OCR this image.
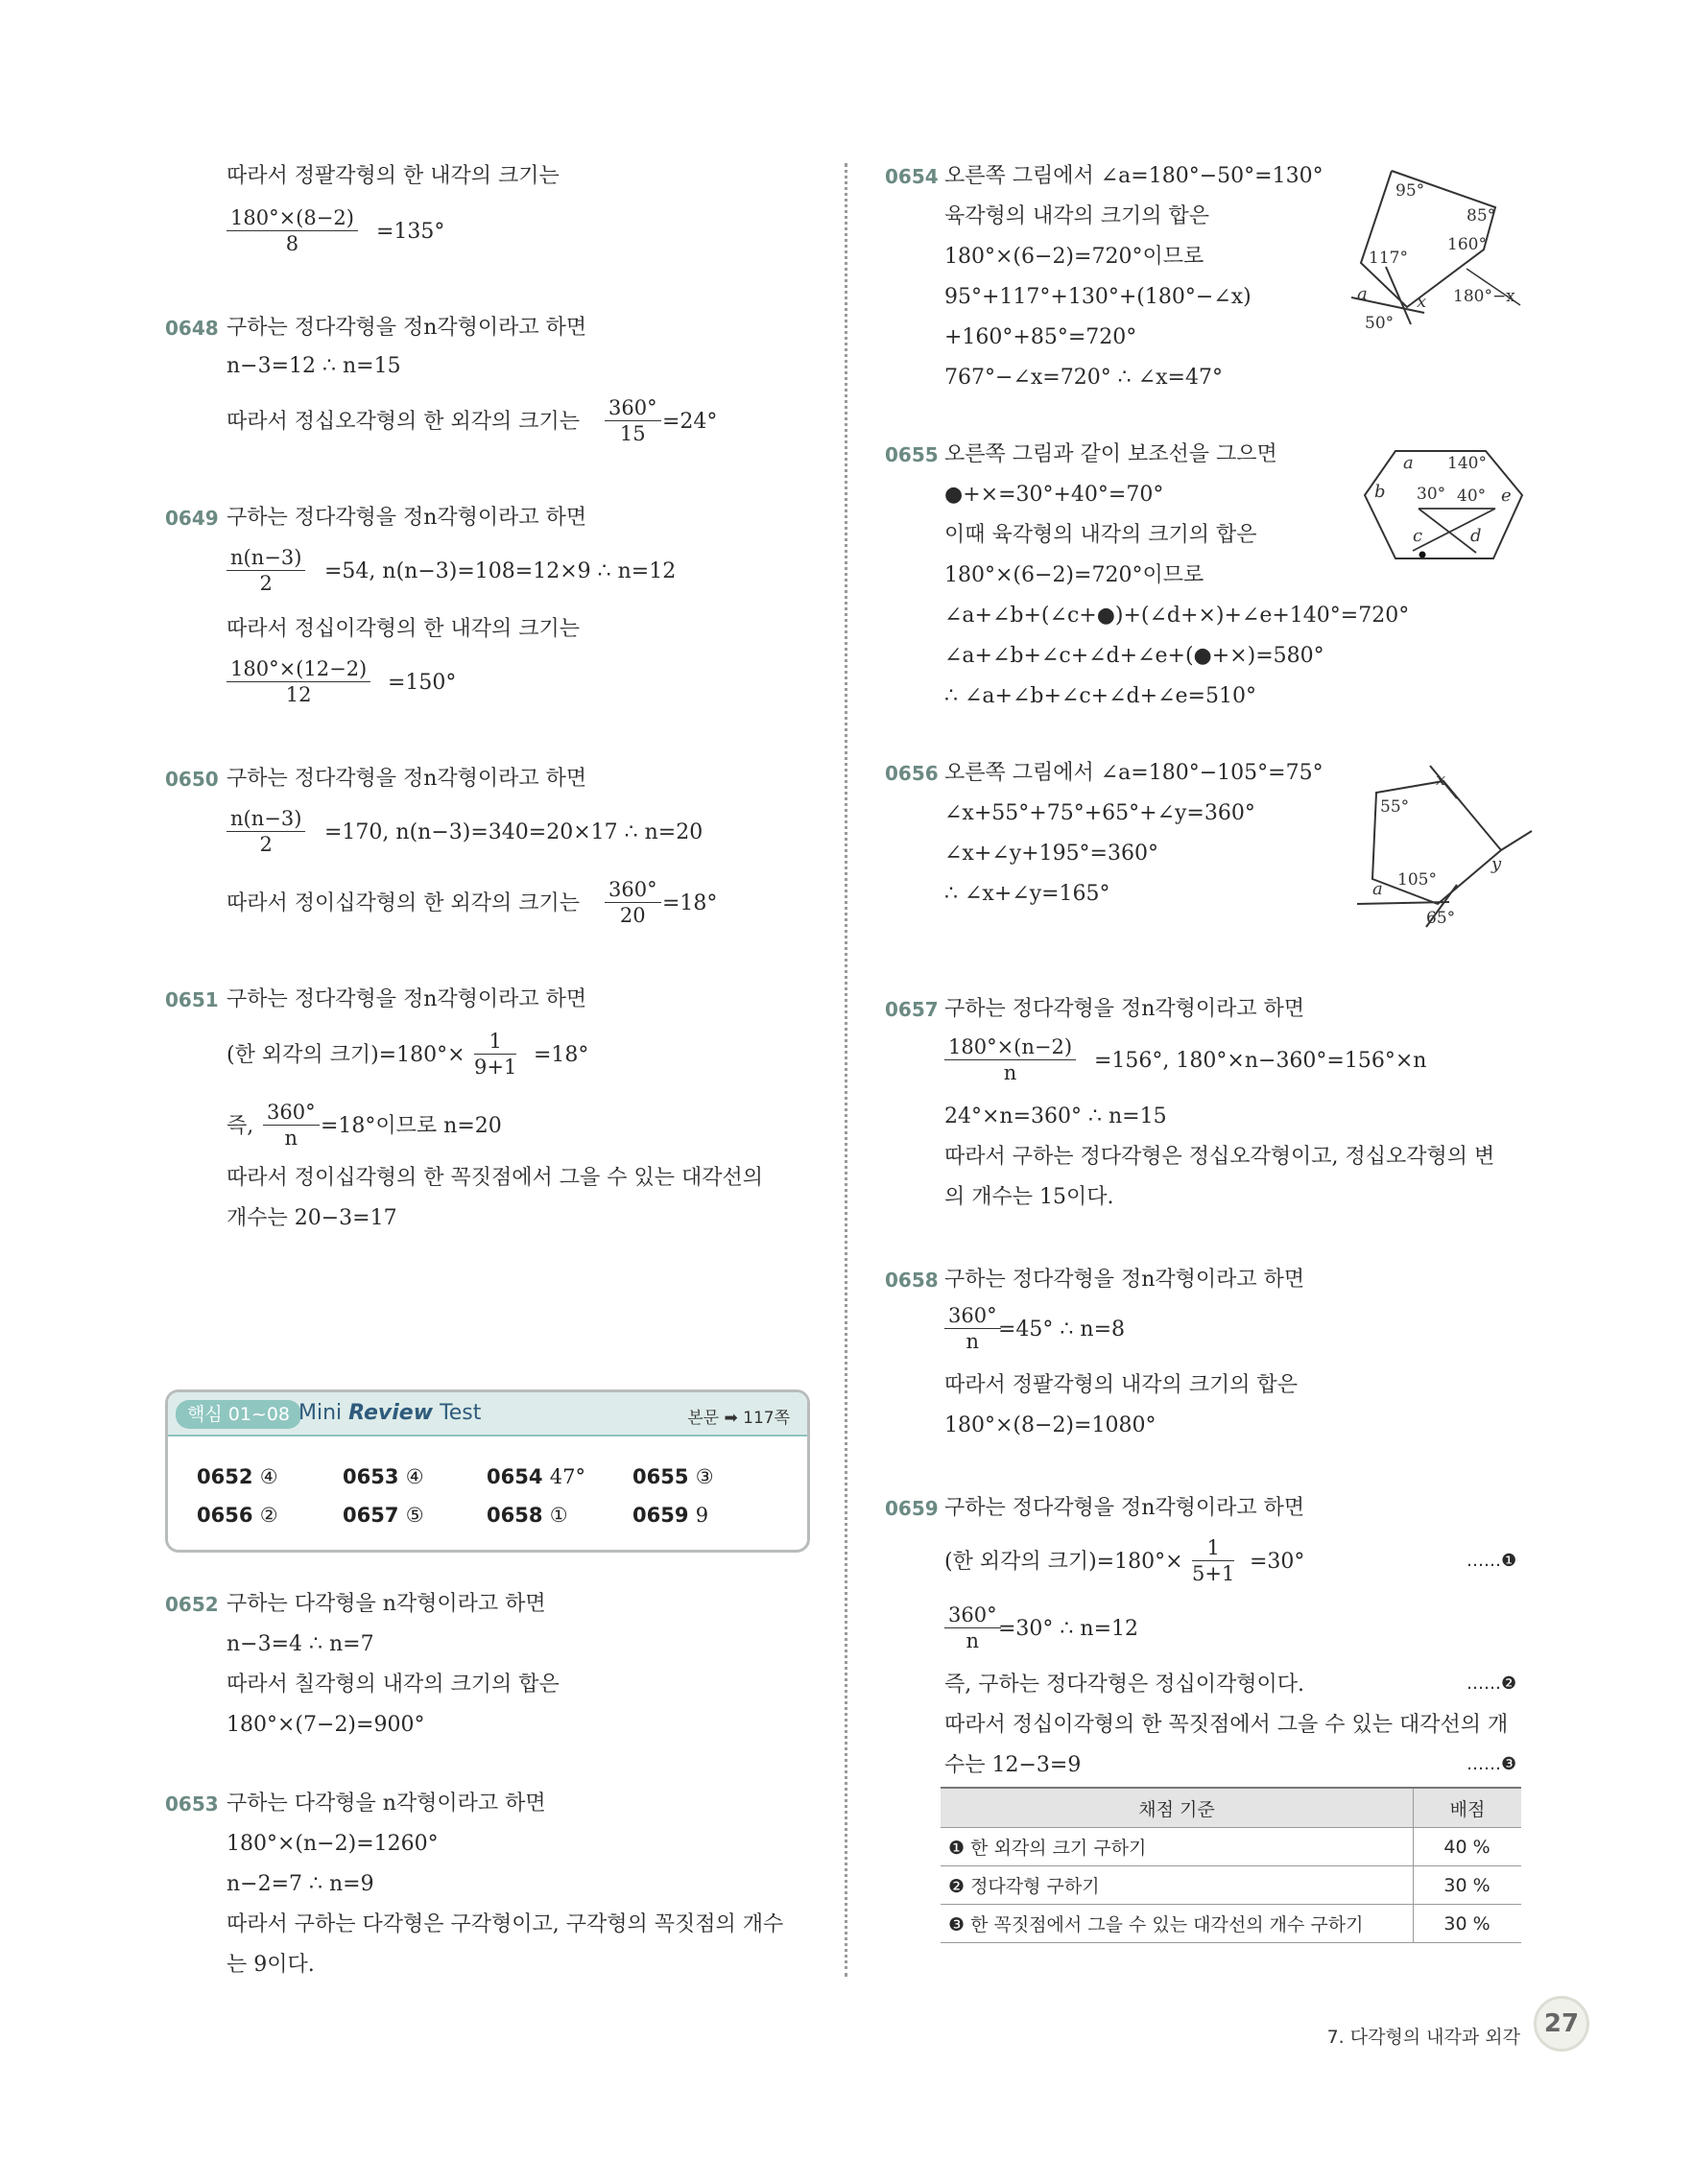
따라서 정팔각형의 한 내각의 크기는
$\frac{180^\circ\times(8-2)}{8} =135^\circ$
0648 구하는 정다각형을 정n각형이라고 하면
n−3=12 ∴ n=15
따라서 정십오각형의 한 외각의 크기는 $\frac{360^\circ}{15} =24^\circ$
0649 구하는 정다각형을 정n각형이라고 하면
$\frac{n(n-3)}{2} =54$, n(n−3)=108=12×9 ∴ n=12
따라서 정십이각형의 한 내각의 크기는
$\frac{180^\circ\times(12-2)}{12} =150^\circ$
0650 구하는 정다각형을 정n각형이라고 하면
$\frac{n(n-3)}{2} =170$, n(n−3)=340=20×17 ∴ n=20
따라서 정이십각형의 한 외각의 크기는 $\frac{360^\circ}{20} =18^\circ$
0651 구하는 정다각형을 정n각형이라고 하면
(한 외각의 크기)$=180^\circ\times \frac{1}{9+1} =18^\circ$
즉, $\frac{360^\circ}{n} =18^\circ$이므로 n=20
따라서 정이십각형의 한 꼭짓점에서 그을 수 있는 대각선의
개수는 20−3=17
핵심 01~08 Mini Review Test	본문 ➡ 117쪽
0652 ④	0653 ④	0654 47° 0655 ③
0656 ②	0657 ⑤	0658 ①	0659 9
0652 구하는 다각형을 n각형이라고 하면
n−3=4 ∴ n=7
따라서 칠각형의 내각의 크기의 합은
180°×(7−2)=900°
0653 구하는 다각형을 n각형이라고 하면
180°×(n−2)=1260°
n−2=7 ∴ n=9
따라서 구하는 다각형은 구각형이고, 구각형의 꼭짓점의 개수
는 9이다.
0654 오른쪽 그림에서 ∠a=180°−50°=130°
육각형의 내각의 크기의 합은
180°×(6−2)=720°이므로
95°+117°+130°+(180°−∠x)
+160°+85°=720°
767°−∠x=720° ∴ ∠x=47°
95°
85°
160°
117°
a	x 180°−x
50°
0655 오른쪽 그림과 같이 보조선을 그으면
●+×=30°+40°=70°
이때 육각형의 내각의 크기의 합은
180°×(6−2)=720°이므로
∠a+∠b+(∠c+●)+(∠d+×)+∠e+140°=720°
∠a+∠b+∠c+∠d+∠e+(●+×)=580°
∴ ∠a+∠b+∠c+∠d+∠e=510°
a 140°
b 30° 40° e
c	d
0656 오른쪽 그림에서 ∠a=180°−105°=75°
∠x+55°+75°+65°+∠y=360°
∠x+∠y+195°=360°
∴ ∠x+∠y=165°
55°
x
y
a 105°
65°
0657 구하는 정다각형을 정n각형이라고 하면
$\frac{180^\circ\times(n-2)}{n} =156^\circ$, 180°×n−360°=156°×n
24°×n=360° ∴ n=15
따라서 구하는 정다각형은 정십오각형이고, 정십오각형의 변
의 개수는 15이다.
0658 구하는 정다각형을 정n각형이라고 하면
$\frac{360^\circ}{n}$
=45° ∴ n=8
따라서 정팔각형의 내각의 크기의 합은
180°×(8−2)=1080°
0659 구하는 정다각형을 정n각형이라고 하면
(한 외각의 크기)$=180^\circ\times \frac{1}{5+1} =30^\circ$	……❶
$\frac{360^\circ}{n}$
=30° ∴ n=12
즉, 구하는 정다각형은 정십이각형이다.	……❷
따라서 정십이각형의 한 꼭짓점에서 그을 수 있는 대각선의 개
수는 12−3=9	……❸
채점 기준	배점
❶ 한 외각의 크기 구하기	40 %
❷ 정다각형 구하기	30 %
❸ 한 꼭짓점에서 그을 수 있는 대각선의 개수 구하기	30 %
7. 다각형의 내각과 외각 27
